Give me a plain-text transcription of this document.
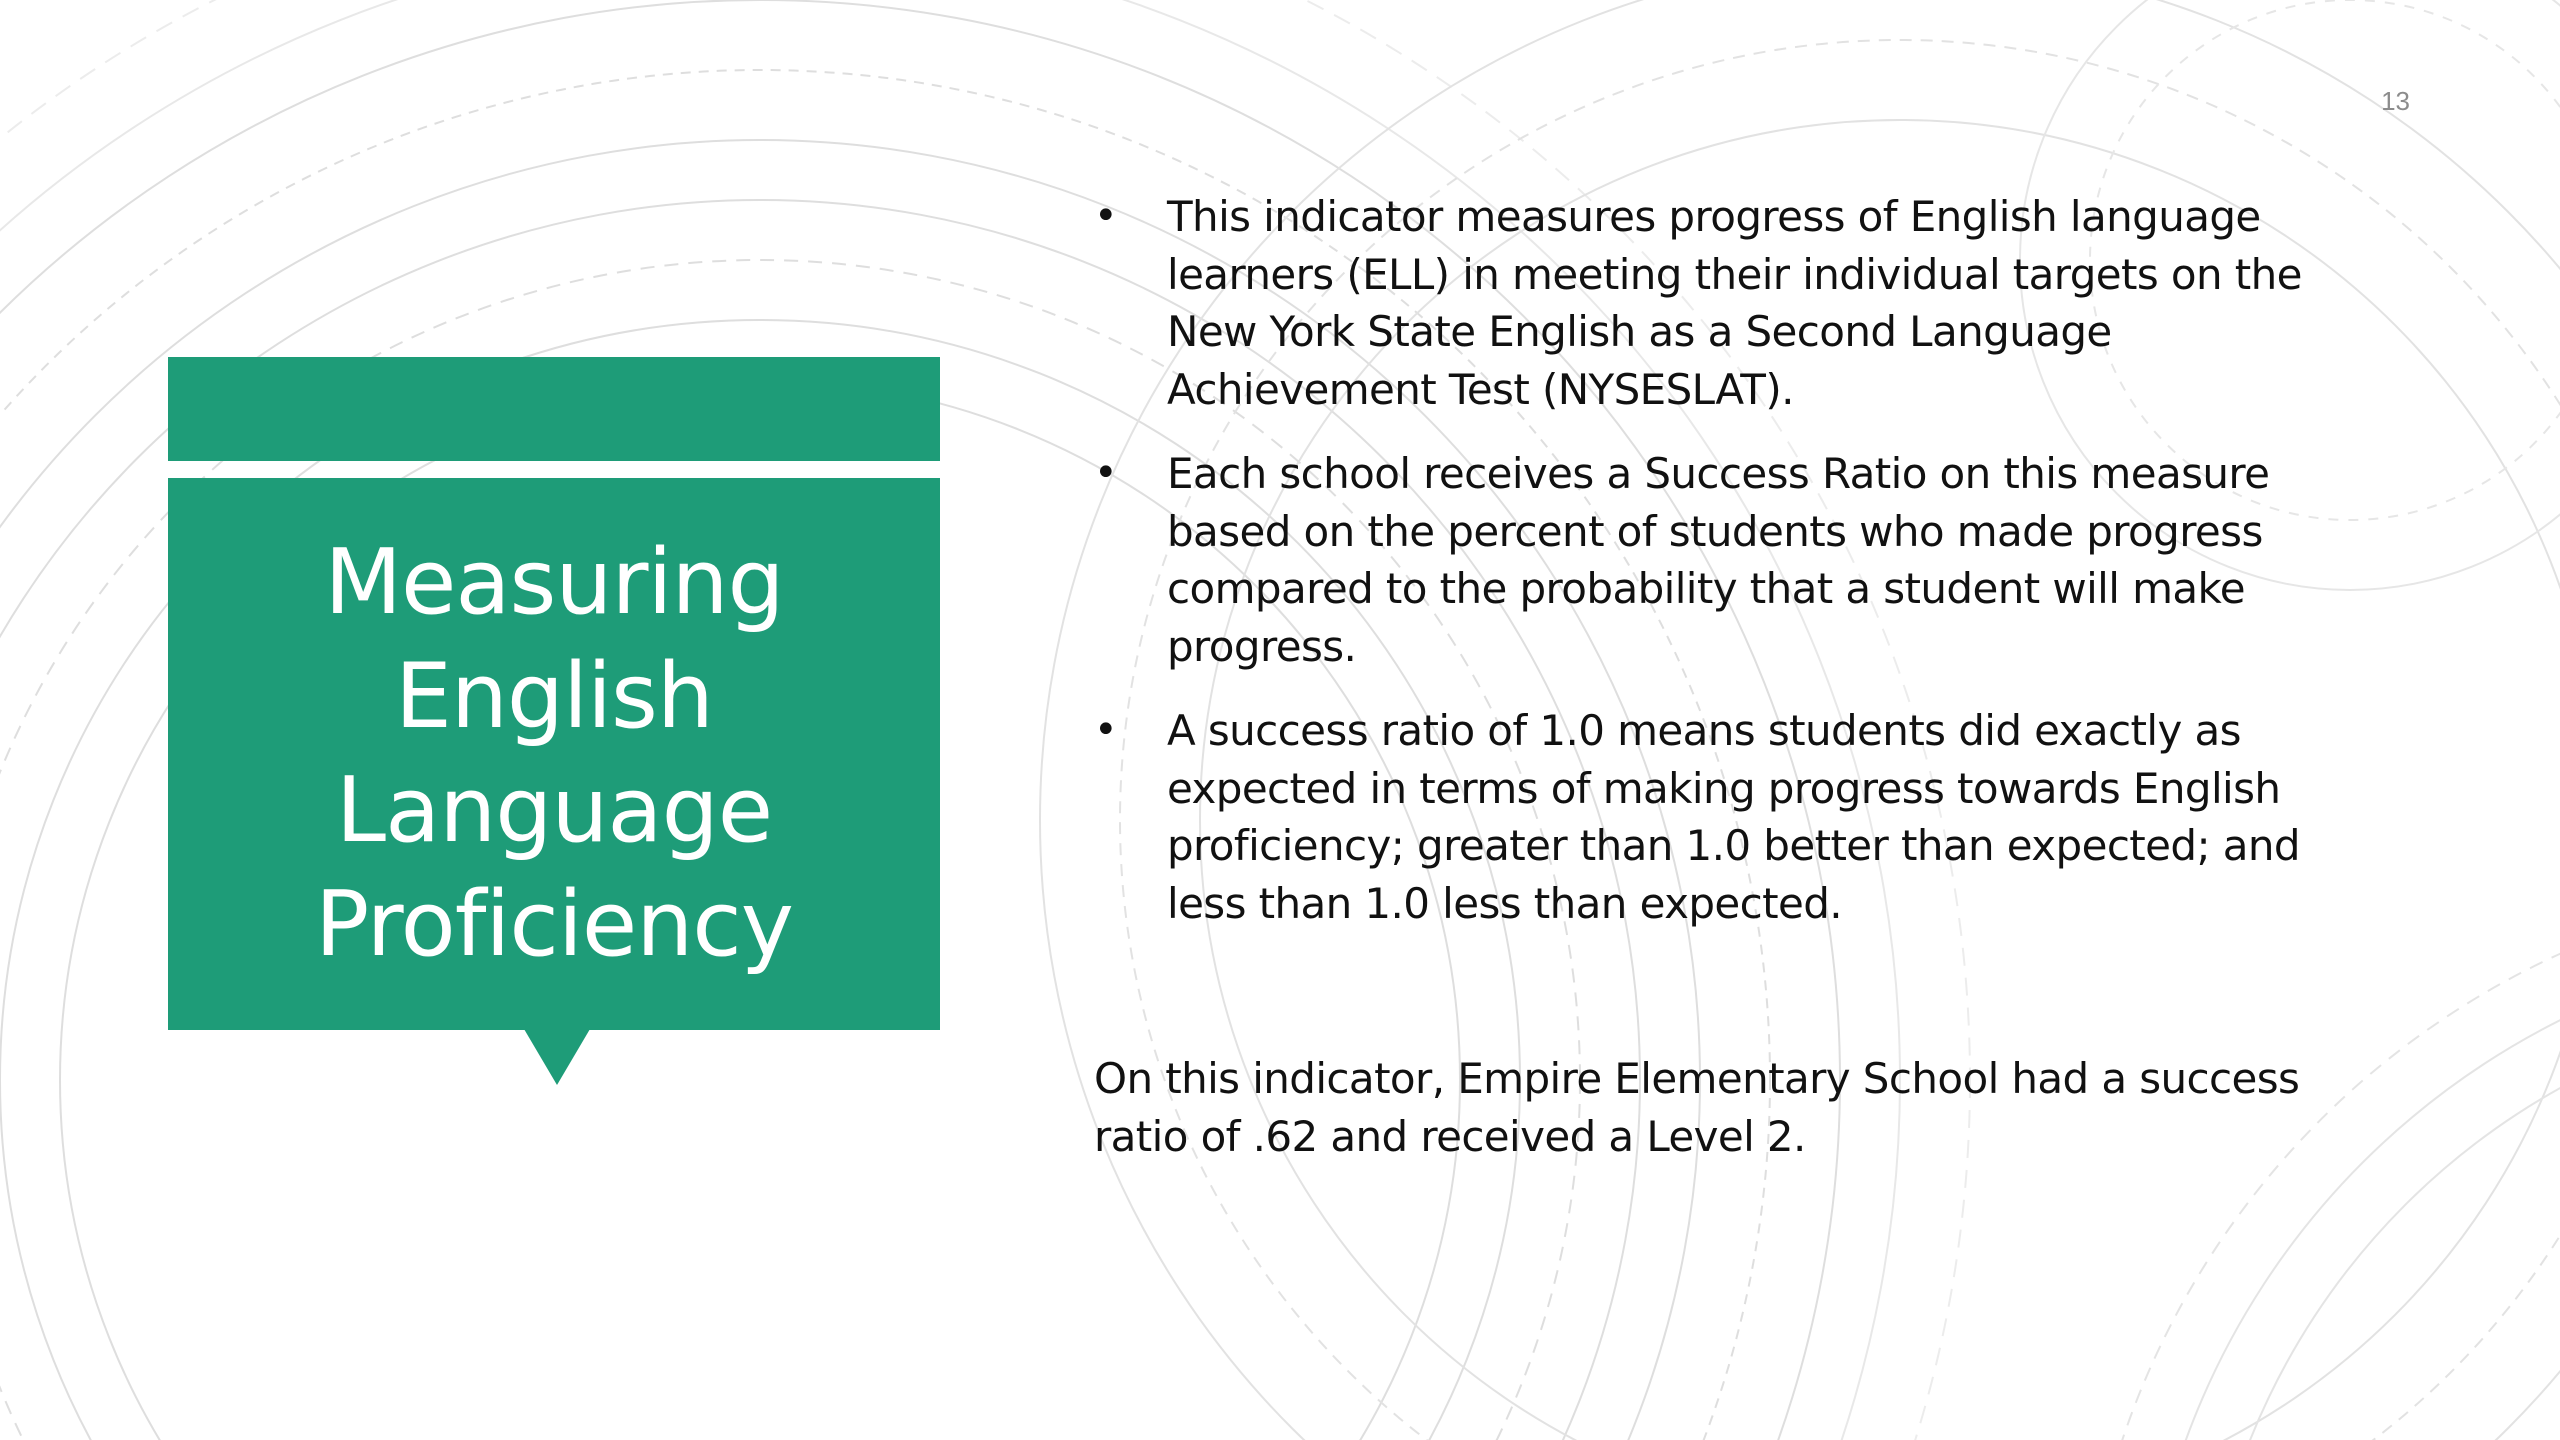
13
Measuring
English
Language
Proficiency
• This indicator measures progress of English language learners (ELL) in meeting their individual targets on the New York State English as a Second Language Achievement Test (NYSESLAT).
• Each school receives a Success Ratio on this measure based on the percent of students who made progress compared to the probability that a student will make progress.
• A success ratio of 1.0 means students did exactly as expected in terms of making progress towards English proficiency; greater than 1.0 better than expected; and less than 1.0 less than expected.

On this indicator, Empire Elementary School had a success ratio of .62 and received a Level 2.
